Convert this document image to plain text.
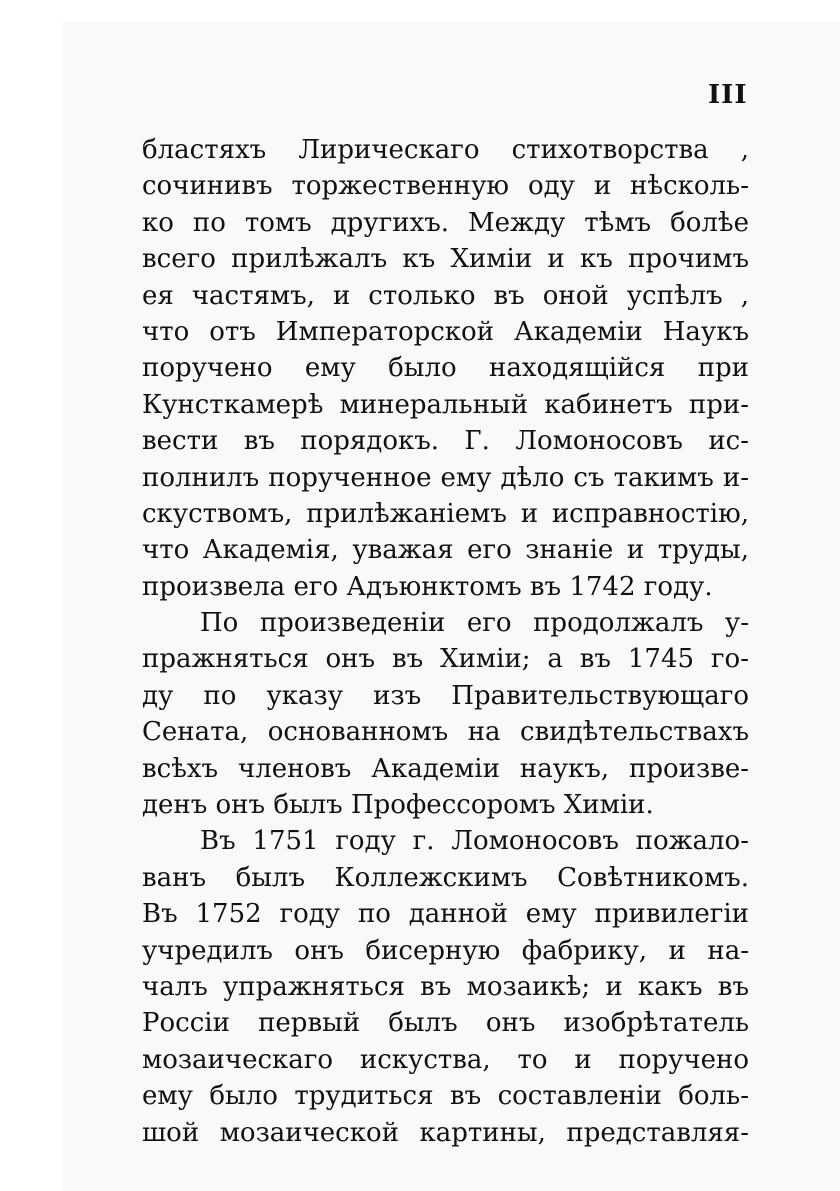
III
бластяхъ Лирическаго стихотворства ,
сочинивъ торжественную оду и нѣсколь-
ко по томъ другихъ. Между тѣмъ болѣе
всего прилѣжалъ къ Химіи и къ прочимъ
ея частямъ, и столько въ оной успѣлъ ,
что отъ Императорской Академіи Наукъ
поручено ему было находящійся при
Кунсткамерѣ минеральный кабинетъ при-
вести въ порядокъ. Г. Ломоносовъ ис-
полнилъ порученное ему дѣло съ такимъ и-
скуствомъ, прилѣжаніемъ и исправностію,
что Академія, уважая его знаніе и труды,
произвела его Адъюнктомъ въ 1742 году.
По произведеніи его продолжалъ у-
пражняться онъ въ Химіи; а въ 1745 го-
ду по указу изъ Правительствующаго
Сената, основанномъ на свидѣтельствахъ
всѣхъ членовъ Академіи наукъ, произве-
денъ онъ былъ Профессоромъ Химіи.
Въ 1751 году г. Ломоносовъ пожало-
ванъ былъ Коллежскимъ Совѣтникомъ.
Въ 1752 году по данной ему привилегіи
учредилъ онъ бисерную фабрику, и на-
чалъ упражняться въ мозаикѣ; и какъ въ
Россіи первый былъ онъ изобрѣтатель
мозаическаго искуства, то и поручено
ему было трудиться въ составленіи боль-
шой мозаической картины, представляя-
